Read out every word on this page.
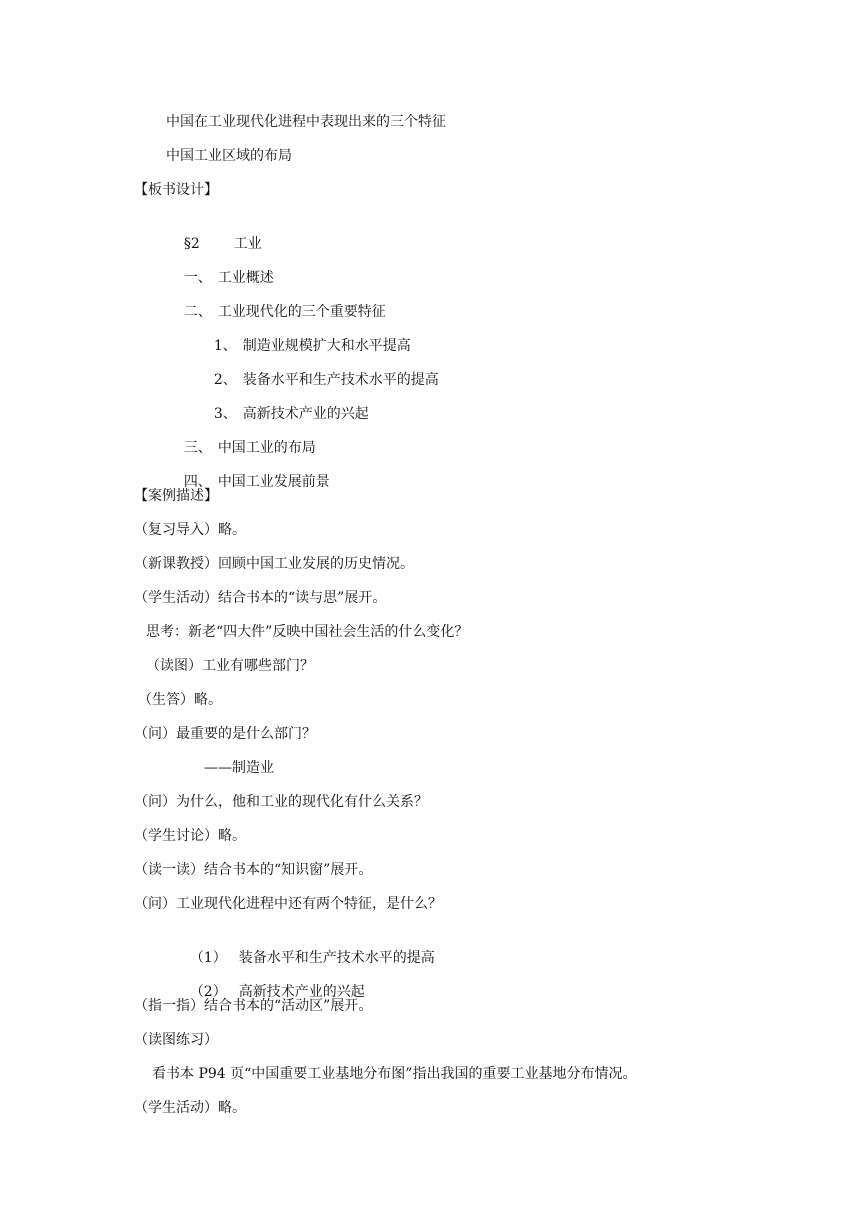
中国在工业现代化进程中表现出来的三个特征
中国工业区域的布局
【板书设计】

§2 工业

一、 工业概述

二、 工业现代化的三个重要特征

1、 制造业规模扩大和水平提高

2、 装备水平和生产技术水平的提高

3、 高新技术产业的兴起

三、 中国工业的布局

四、 中国工业发展前景

【案例描述】
（复习导入）略。
（新课教授）回顾中国工业发展的历史情况。
（学生活动）结合书本的“读与思”展开。
思考：新老“四大件”反映中国社会生活的什么变化？
（读图）工业有哪些部门？
（生答）略。
（问）最重要的是什么部门？
——制造业
（问）为什么，他和工业的现代化有什么关系？
（学生讨论）略。
（读一读）结合书本的“知识窗”展开。
（问）工业现代化进程中还有两个特征，是什么？

（1） 装备水平和生产技术水平的提高

（2） 高新技术产业的兴起

（指一指）结合书本的“活动区”展开。
（读图练习）
看书本 P94 页“中国重要工业基地分布图”指出我国的重要工业基地分布情况。
（学生活动）略。
